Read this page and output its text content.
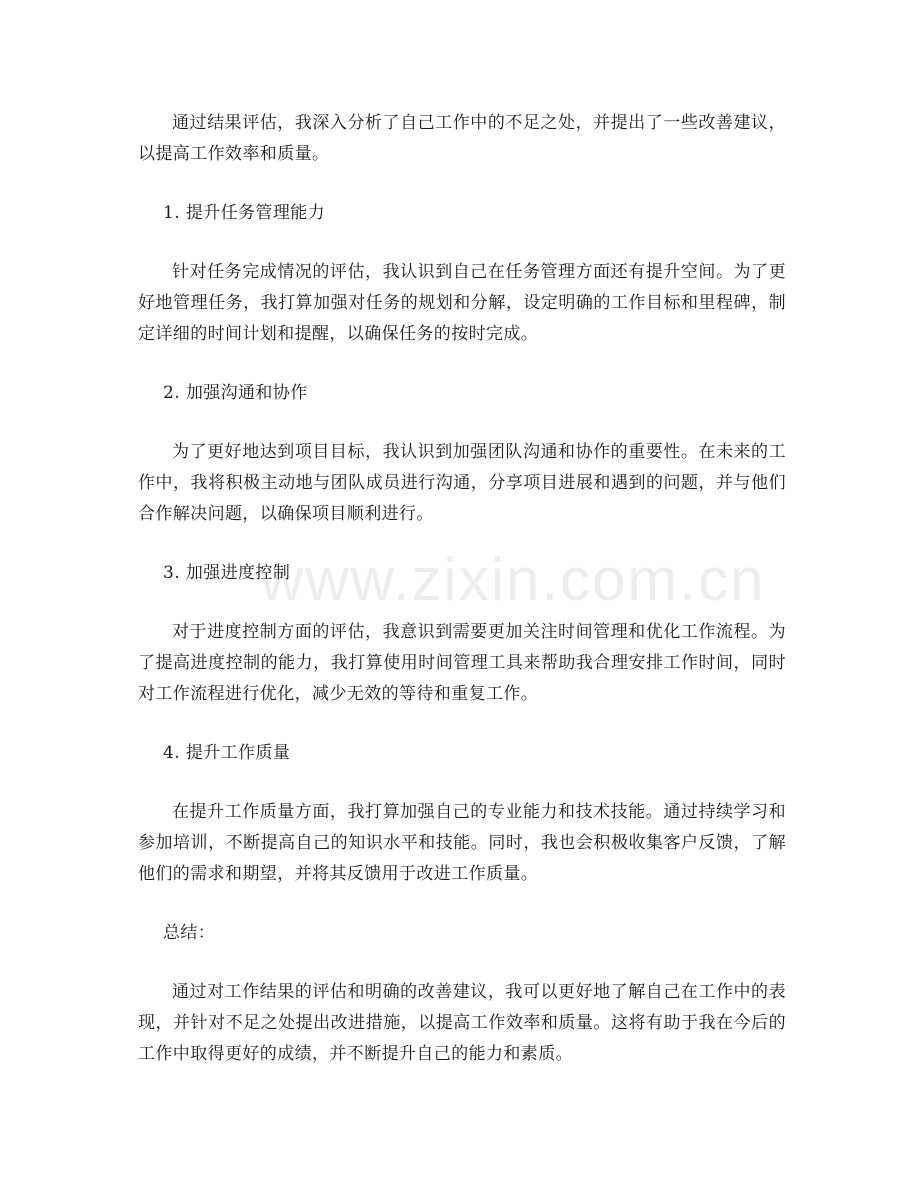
通过结果评估，我深入分析了自己工作中的不足之处，并提出了一些改善建议，以提高工作效率和质量。

1. 提升任务管理能力

针对任务完成情况的评估，我认识到自己在任务管理方面还有提升空间。为了更好地管理任务，我打算加强对任务的规划和分解，设定明确的工作目标和里程碑，制定详细的时间计划和提醒，以确保任务的按时完成。

2. 加强沟通和协作

为了更好地达到项目目标，我认识到加强团队沟通和协作的重要性。在未来的工作中，我将积极主动地与团队成员进行沟通，分享项目进展和遇到的问题，并与他们合作解决问题，以确保项目顺利进行。

3. 加强进度控制

对于进度控制方面的评估，我意识到需要更加关注时间管理和优化工作流程。为了提高进度控制的能力，我打算使用时间管理工具来帮助我合理安排工作时间，同时对工作流程进行优化，减少无效的等待和重复工作。

4. 提升工作质量

在提升工作质量方面，我打算加强自己的专业能力和技术技能。通过持续学习和参加培训，不断提高自己的知识水平和技能。同时，我也会积极收集客户反馈，了解他们的需求和期望，并将其反馈用于改进工作质量。

总结：

通过对工作结果的评估和明确的改善建议，我可以更好地了解自己在工作中的表现，并针对不足之处提出改进措施，以提高工作效率和质量。这将有助于我在今后的工作中取得更好的成绩，并不断提升自己的能力和素质。

www.zixin.com.cn
